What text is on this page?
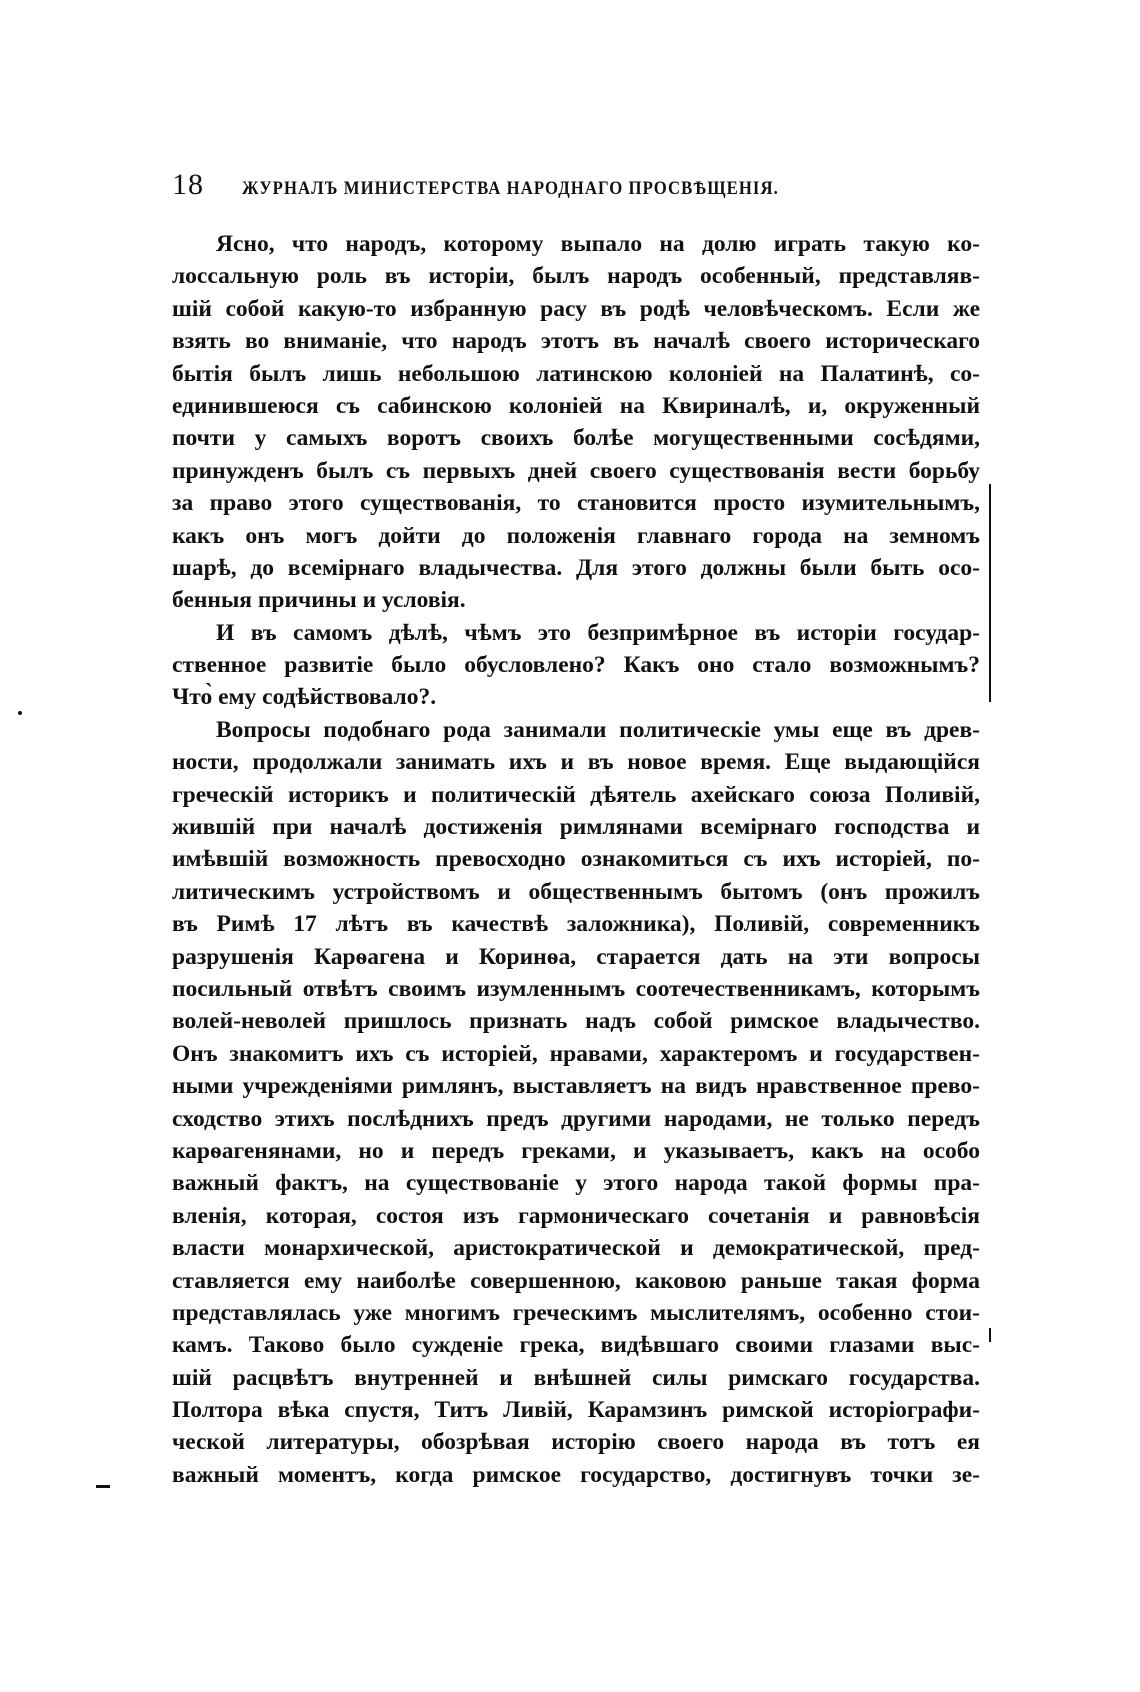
18 ЖУРНАЛЪ МИНИСТЕРСТВА НАРОДНАГО ПРОСВѢЩЕНІЯ.
Ясно, что народъ, которому выпало на долю играть такую ко-
лоссальную роль въ исторіи, былъ народъ особенный, представляв-
шій собой какую-то избранную расу въ родѣ человѣческомъ. Если же
взять во вниманіе, что народъ этотъ въ началѣ своего историческаго
бытія былъ лишь небольшою латинскою колоніей на Палатинѣ, со-
единившеюся съ сабинскою колоніей на Квириналѣ, и, окруженный
почти у самыхъ воротъ своихъ болѣе могущественными сосѣдями,
принужденъ былъ съ первыхъ дней своего существованія вести борьбу
за право этого существованія, то становится просто изумительнымъ,
какъ онъ могъ дойти до положенія главнаго города на земномъ
шарѣ, до всемірнаго владычества. Для этого должны были быть осо-
бенныя причины и условія.
И въ самомъ дѣлѣ, чѣмъ это безпримѣрное въ исторіи государ-
ственное развитіе было обусловлено? Какъ оно стало возможнымъ?
Что̀ ему содѣйствовало?.
Вопросы подобнаго рода занимали политическіе умы еще въ древ-
ности, продолжали занимать ихъ и въ новое время. Еще выдающійся
греческій историкъ и политическій дѣятель ахейскаго союза Поливій,
жившій при началѣ достиженія римлянами всемірнаго господства и
имѣвшій возможность превосходно ознакомиться съ ихъ исторіей, по-
литическимъ устройствомъ и общественнымъ бытомъ (онъ прожилъ
въ Римѣ 17 лѣтъ въ качествѣ заложника), Поливій, современникъ
разрушенія Карѳагена и Коринѳа, старается дать на эти вопросы
посильный отвѣтъ своимъ изумленнымъ соотечественникамъ, которымъ
волей-неволей пришлось признать надъ собой римское владычество.
Онъ знакомитъ ихъ съ исторіей, нравами, характеромъ и государствен-
ными учрежденіями римлянъ, выставляетъ на видъ нравственное прево-
сходство этихъ послѣднихъ предъ другими народами, не только передъ
карѳагенянами, но и передъ греками, и указываетъ, какъ на особо
важный фактъ, на существованіе у этого народа такой формы пра-
вленія, которая, состоя изъ гармоническаго сочетанія и равновѣсія
власти монархической, аристократической и демократической, пред-
ставляется ему наиболѣе совершенною, каковою раньше такая форма
представлялась уже многимъ греческимъ мыслителямъ, особенно стои-
камъ. Таково было сужденіе грека, видѣвшаго своими глазами выс-
шій расцвѣтъ внутренней и внѣшней силы римскаго государства.
Полтора вѣка спустя, Титъ Ливій, Карамзинъ римской исторіографи-
ческой литературы, обозрѣвая исторію своего народа въ тотъ ея
важный моментъ, когда римское государство, достигнувъ точки зе-
